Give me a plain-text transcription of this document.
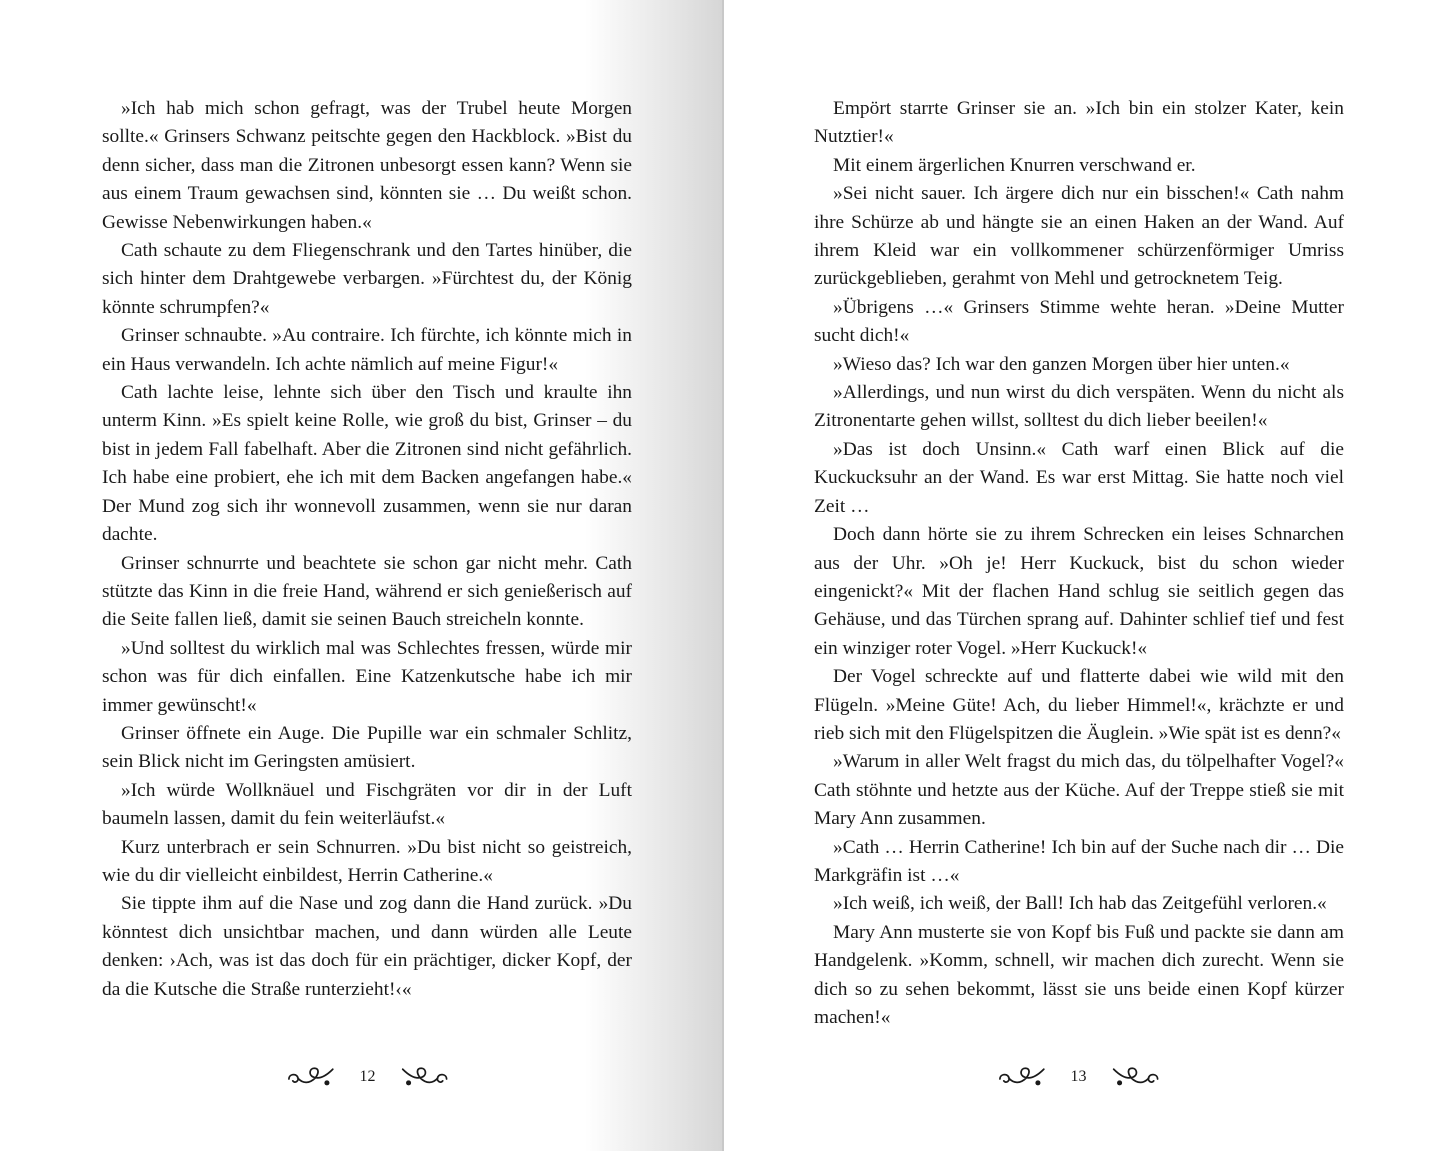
»Ich hab mich schon gefragt, was der Trubel heute Morgen sollte.« Grinsers Schwanz peitschte gegen den Hackblock. »Bist du denn sicher, dass man die Zitronen unbesorgt essen kann? Wenn sie aus einem Traum gewachsen sind, könnten sie … Du weißt schon. Gewisse Nebenwirkungen haben.«

Cath schaute zu dem Fliegenschrank und den Tartes hinüber, die sich hinter dem Drahtgewebe verbargen. »Fürchtest du, der König könnte schrumpfen?«

Grinser schnaubte. »Au contraire. Ich fürchte, ich könnte mich in ein Haus verwandeln. Ich achte nämlich auf meine Figur!«

Cath lachte leise, lehnte sich über den Tisch und kraulte ihn unterm Kinn. »Es spielt keine Rolle, wie groß du bist, Grinser – du bist in jedem Fall fabelhaft. Aber die Zitronen sind nicht gefährlich. Ich habe eine probiert, ehe ich mit dem Backen angefangen habe.« Der Mund zog sich ihr wonnevoll zusammen, wenn sie nur daran dachte.

Grinser schnurrte und beachtete sie schon gar nicht mehr. Cath stützte das Kinn in die freie Hand, während er sich genießerisch auf die Seite fallen ließ, damit sie seinen Bauch streicheln konnte.

»Und solltest du wirklich mal was Schlechtes fressen, würde mir schon was für dich einfallen. Eine Katzenkutsche habe ich mir immer gewünscht!«

Grinser öffnete ein Auge. Die Pupille war ein schmaler Schlitz, sein Blick nicht im Geringsten amüsiert.

»Ich würde Wollknäuel und Fischgräten vor dir in der Luft baumeln lassen, damit du fein weiterläufst.«

Kurz unterbrach er sein Schnurren. »Du bist nicht so geistreich, wie du dir vielleicht einbildest, Herrin Catherine.«

Sie tippte ihm auf die Nase und zog dann die Hand zurück. »Du könntest dich unsichtbar machen, und dann würden alle Leute denken: ›Ach, was ist das doch für ein prächtiger, dicker Kopf, der da die Kutsche die Straße runterzieht!‹«

12

Empört starrte Grinser sie an. »Ich bin ein stolzer Kater, kein Nutztier!«

Mit einem ärgerlichen Knurren verschwand er.

»Sei nicht sauer. Ich ärgere dich nur ein bisschen!« Cath nahm ihre Schürze ab und hängte sie an einen Haken an der Wand. Auf ihrem Kleid war ein vollkommener schürzenförmiger Umriss zurückgeblieben, gerahmt von Mehl und getrocknetem Teig.

»Übrigens …« Grinsers Stimme wehte heran. »Deine Mutter sucht dich!«

»Wieso das? Ich war den ganzen Morgen über hier unten.«

»Allerdings, und nun wirst du dich verspäten. Wenn du nicht als Zitronentarte gehen willst, solltest du dich lieber beeilen!«

»Das ist doch Unsinn.« Cath warf einen Blick auf die Kuckucksuhr an der Wand. Es war erst Mittag. Sie hatte noch viel Zeit …

Doch dann hörte sie zu ihrem Schrecken ein leises Schnarchen aus der Uhr. »Oh je! Herr Kuckuck, bist du schon wieder eingenickt?« Mit der flachen Hand schlug sie seitlich gegen das Gehäuse, und das Türchen sprang auf. Dahinter schlief tief und fest ein winziger roter Vogel. »Herr Kuckuck!«

Der Vogel schreckte auf und flatterte dabei wie wild mit den Flügeln. »Meine Güte! Ach, du lieber Himmel!«, krächzte er und rieb sich mit den Flügelspitzen die Äuglein. »Wie spät ist es denn?«

»Warum in aller Welt fragst du mich das, du tölpelhafter Vogel?« Cath stöhnte und hetzte aus der Küche. Auf der Treppe stieß sie mit Mary Ann zusammen.

»Cath … Herrin Catherine! Ich bin auf der Suche nach dir … Die Markgräfin ist …«

»Ich weiß, ich weiß, der Ball! Ich hab das Zeitgefühl verloren.«

Mary Ann musterte sie von Kopf bis Fuß und packte sie dann am Handgelenk. »Komm, schnell, wir machen dich zurecht. Wenn sie dich so zu sehen bekommt, lässt sie uns beide einen Kopf kürzer machen!«

13
